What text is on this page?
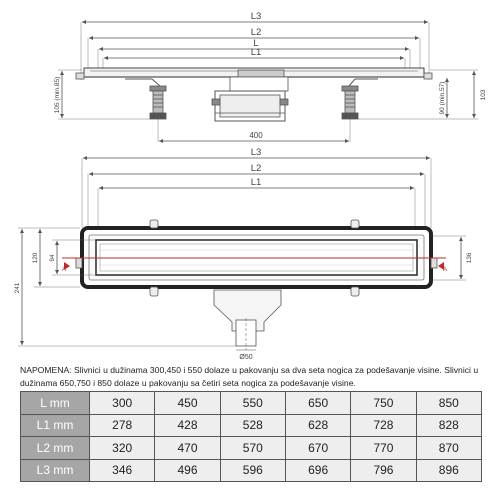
L3
L2
L
L1
400
105 (min.85)	90 (min.57)	103
A	A
L3
L2
L1
241
120 94	136
Ø50

NAPOMENA: Slivnici u dužinama 300,450 i 550 dolaze u pakovanju sa dva seta nogica za podešavanje visine. Slivnici u dužinama 650,750 i 850 dolaze u pakovanju sa četiri seta nogica za podešavanje visine.

L mm	300	450	550	650	750	850
L1 mm	278	428	528	628	728	828
L2 mm	320	470	570	670	770	870
L3 mm	346	496	596	696	796	896
